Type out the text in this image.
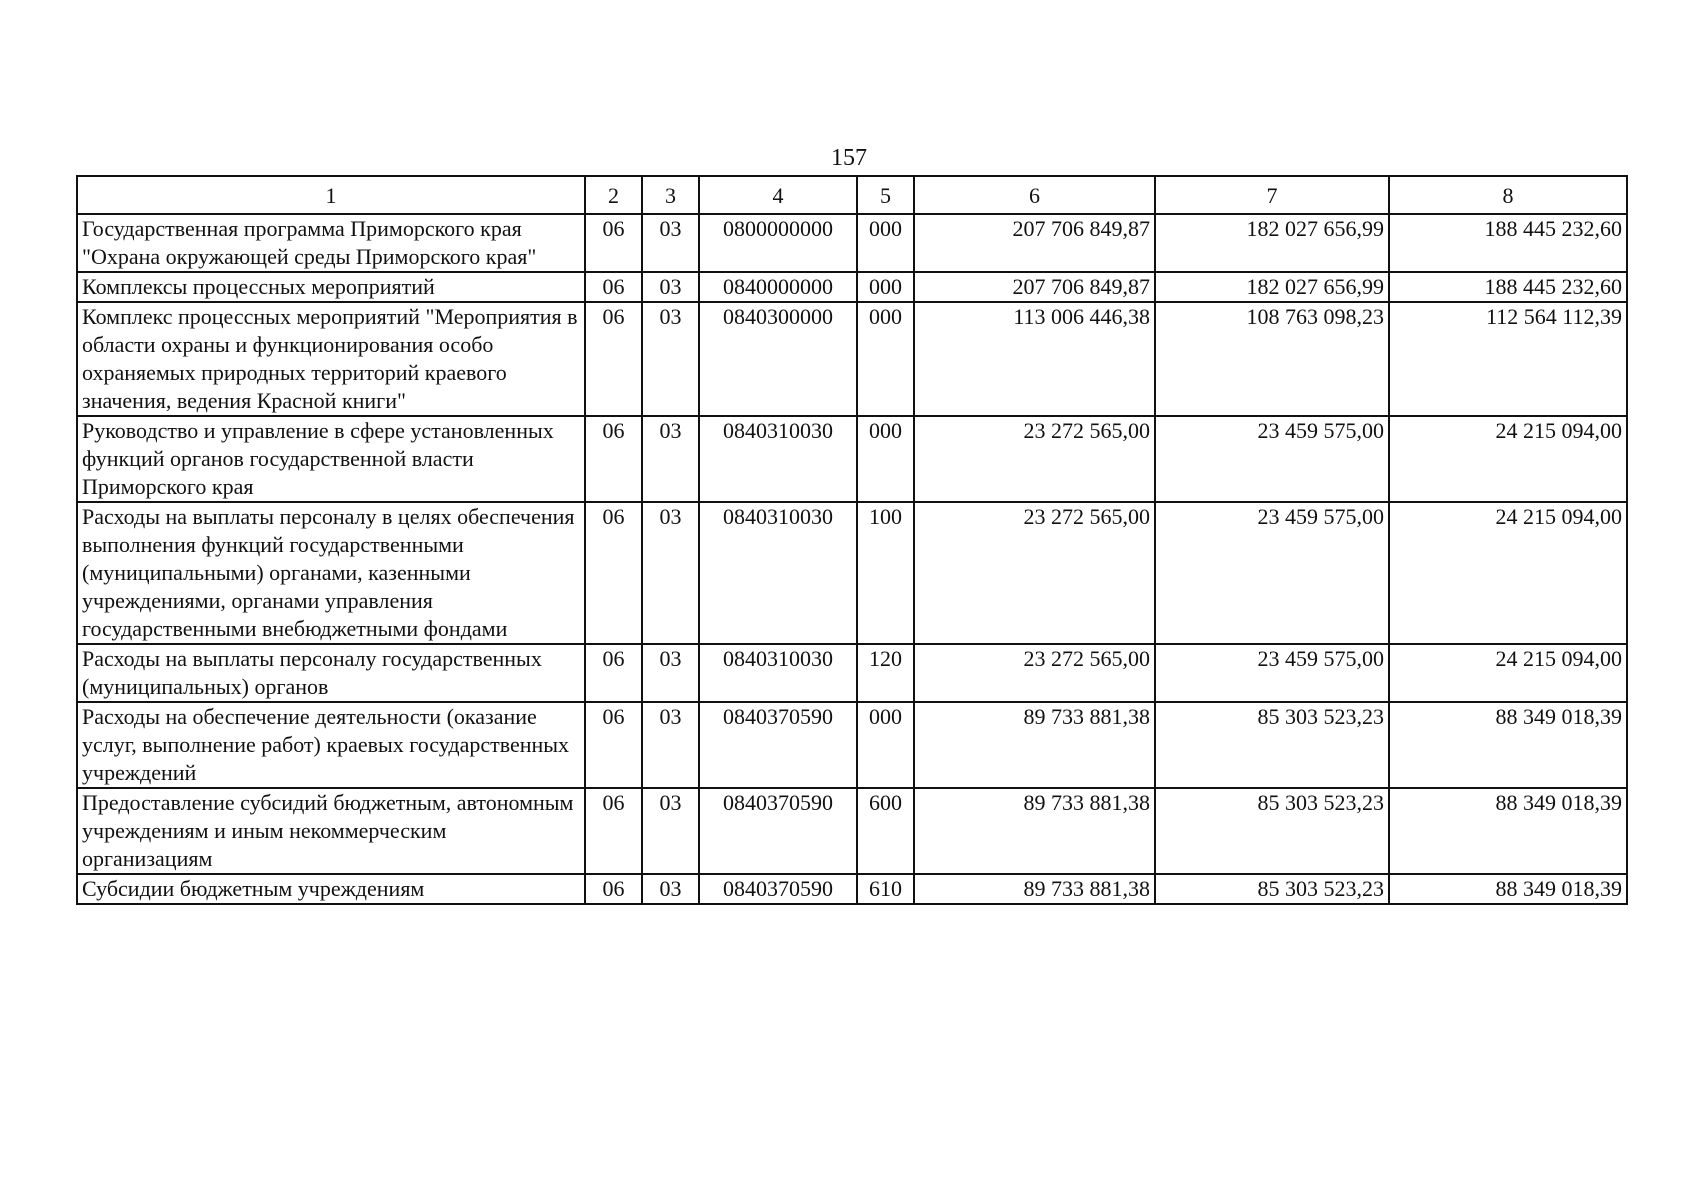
157
1	2	3	4	5	6	7	8
Государственная программа Приморского края "Охрана окружающей среды Приморского края"	06	03	0800000000	000	207 706 849,87	182 027 656,99	188 445 232,60
Комплексы процессных мероприятий	06	03	0840000000	000	207 706 849,87	182 027 656,99	188 445 232,60
Комплекс процессных мероприятий "Мероприятия в области охраны и функционирования особо охраняемых природных территорий краевого значения, ведения Красной книги"	06	03	0840300000	000	113 006 446,38	108 763 098,23	112 564 112,39
Руководство и управление в сфере установленных функций органов государственной власти Приморского края	06	03	0840310030	000	23 272 565,00	23 459 575,00	24 215 094,00
Расходы на выплаты персоналу в целях обеспечения выполнения функций государственными (муниципальными) органами, казенными учреждениями, органами управления государственными внебюджетными фондами	06	03	0840310030	100	23 272 565,00	23 459 575,00	24 215 094,00
Расходы на выплаты персоналу государственных (муниципальных) органов	06	03	0840310030	120	23 272 565,00	23 459 575,00	24 215 094,00
Расходы на обеспечение деятельности (оказание услуг, выполнение работ) краевых государственных учреждений	06	03	0840370590	000	89 733 881,38	85 303 523,23	88 349 018,39
Предоставление субсидий бюджетным, автономным учреждениям и иным некоммерческим организациям	06	03	0840370590	600	89 733 881,38	85 303 523,23	88 349 018,39
Субсидии бюджетным учреждениям	06	03	0840370590	610	89 733 881,38	85 303 523,23	88 349 018,39
